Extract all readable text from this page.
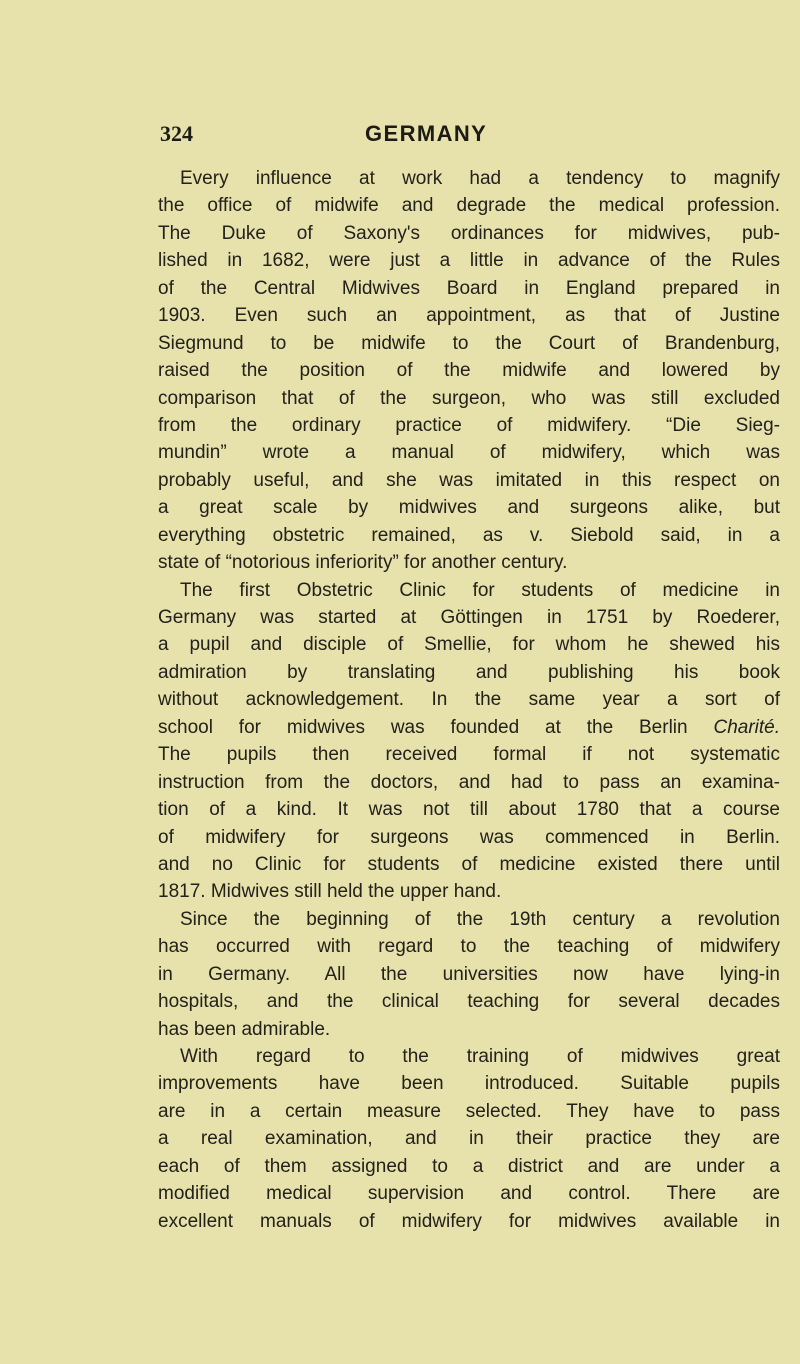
324	GERMANY
Every influence at work had a tendency to magnify
the office of midwife and degrade the medical profession.
The Duke of Saxony's ordinances for midwives, pub-
lished in 1682, were just a little in advance of the Rules
of the Central Midwives Board in England prepared in
1903. Even such an appointment, as that of Justine
Siegmund to be midwife to the Court of Brandenburg,
raised the position of the midwife and lowered by
comparison that of the surgeon, who was still excluded
from the ordinary practice of midwifery. “Die Sieg-
mundin” wrote a manual of midwifery, which was
probably useful, and she was imitated in this respect on
a great scale by midwives and surgeons alike, but
everything obstetric remained, as v. Siebold said, in a
state of “notorious inferiority” for another century.
The first Obstetric Clinic for students of medicine in
Germany was started at Göttingen in 1751 by Roederer,
a pupil and disciple of Smellie, for whom he shewed his
admiration by translating and publishing his book
without acknowledgement. In the same year a sort of
school for midwives was founded at the Berlin Charité.
The pupils then received formal if not systematic
instruction from the doctors, and had to pass an examina-
tion of a kind. It was not till about 1780 that a course
of midwifery for surgeons was commenced in Berlin.
and no Clinic for students of medicine existed there until
1817. Midwives still held the upper hand.
Since the beginning of the 19th century a revolution
has occurred with regard to the teaching of midwifery
in Germany. All the universities now have lying-in
hospitals, and the clinical teaching for several decades
has been admirable.
With regard to the training of midwives great
improvements have been introduced. Suitable pupils
are in a certain measure selected. They have to pass
a real examination, and in their practice they are
each of them assigned to a district and are under a
modified medical supervision and control. There are
excellent manuals of midwifery for midwives available in
